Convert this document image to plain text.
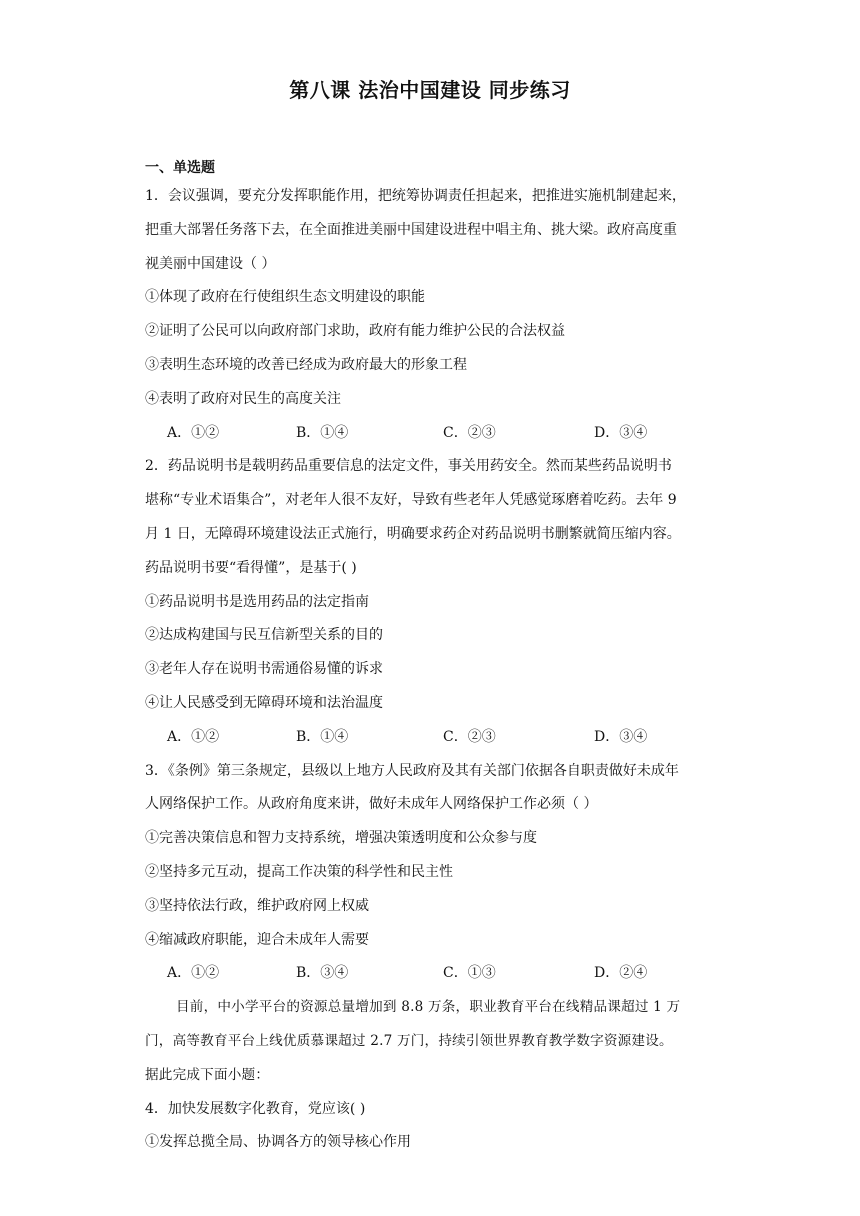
第八课 法治中国建设 同步练习
一、单选题
1．会议强调，要充分发挥职能作用，把统筹协调责任担起来，把推进实施机制建起来，
把重大部署任务落下去，在全面推进美丽中国建设进程中唱主角、挑大梁。政府高度重
视美丽中国建设（ ）
①体现了政府在行使组织生态文明建设的职能
②证明了公民可以向政府部门求助，政府有能力维护公民的合法权益
③表明生态环境的改善已经成为政府最大的形象工程
④表明了政府对民生的高度关注
A．①②	B．①④	C．②③	D．③④
2．药品说明书是载明药品重要信息的法定文件，事关用药安全。然而某些药品说明书
堪称“专业术语集合”，对老年人很不友好，导致有些老年人凭感觉琢磨着吃药。去年 9
月 1 日，无障碍环境建设法正式施行，明确要求药企对药品说明书删繁就简压缩内容。
药品说明书要“看得懂”，是基于( )
①药品说明书是选用药品的法定指南
②达成构建国与民互信新型关系的目的
③老年人存在说明书需通俗易懂的诉求
④让人民感受到无障碍环境和法治温度
A．①②	B．①④	C．②③	D．③④
3．《条例》第三条规定，县级以上地方人民政府及其有关部门依据各自职责做好未成年
人网络保护工作。从政府角度来讲，做好未成年人网络保护工作必须（ ）
①完善决策信息和智力支持系统，增强决策透明度和公众参与度
②坚持多元互动，提高工作决策的科学性和民主性
③坚持依法行政，维护政府网上权威
④缩减政府职能，迎合未成年人需要
A．①②	B．③④	C．①③	D．②④
目前，中小学平台的资源总量增加到 8.8 万条，职业教育平台在线精品课超过 1 万
门，高等教育平台上线优质慕课超过 2.7 万门，持续引领世界教育教学数字资源建设。
据此完成下面小题：
4．加快发展数字化教育，党应该( )
①发挥总揽全局、协调各方的领导核心作用
